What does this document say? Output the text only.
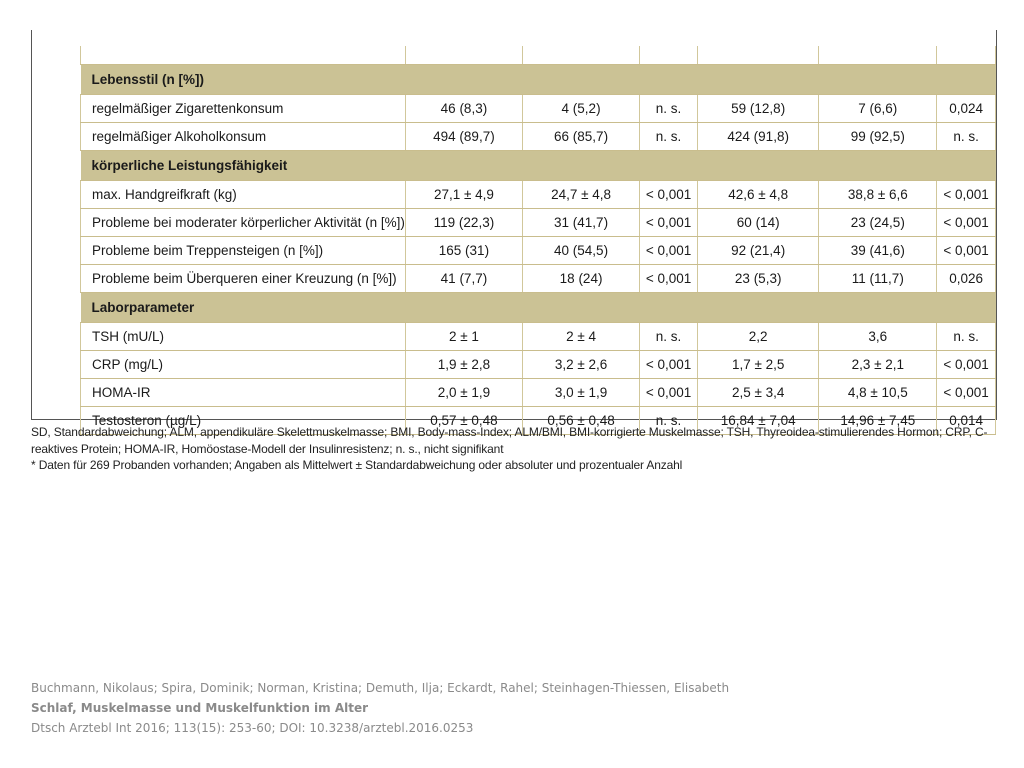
Lebensstil (n [%])						
regelmäßiger Zigarettenkonsum	46 (8,3)	4 (5,2)	n. s.	59 (12,8)	7 (6,6)	0,024
regelmäßiger Alkoholkonsum	494 (89,7)	66 (85,7)	n. s.	424 (91,8)	99 (92,5)	n. s.
körperliche Leistungsfähigkeit						
max. Handgreifkraft (kg)	27,1 ± 4,9	24,7 ± 4,8	< 0,001	42,6 ± 4,8	38,8 ± 6,6	< 0,001
Probleme bei moderater körperlicher Aktivität (n [%])	119 (22,3)	31 (41,7)	< 0,001	60 (14)	23 (24,5)	< 0,001
Probleme beim Treppensteigen (n [%])	165 (31)	40 (54,5)	< 0,001	92 (21,4)	39 (41,6)	< 0,001
Probleme beim Überqueren einer Kreuzung (n [%])	41 (7,7)	18 (24)	< 0,001	23 (5,3)	11 (11,7)	0,026
Laborparameter						
TSH (mU/L)	2 ± 1	2 ± 4	n. s.	2,2	3,6	n. s.
CRP (mg/L)	1,9 ± 2,8	3,2 ± 2,6	< 0,001	1,7 ± 2,5	2,3 ± 2,1	< 0,001
HOMA-IR	2,0 ± 1,9	3,0 ± 1,9	< 0,001	2,5 ± 3,4	4,8 ± 10,5	< 0,001
Testosteron (µg/L)	0,57 ± 0,48	0,56 ± 0,48	n. s.	16,84 ± 7,04	14,96 ± 7,45	0,014
SD, Standardabweichung; ALM, appendikuläre Skelettmuskelmasse; BMI, Body-mass-Index; ALM/BMI, BMI-korrigierte Muskelmasse; TSH, Thyreoidea-stimulierendes Hormon; CRP, C-reaktives Protein; HOMA-IR, Homöostase-Modell der Insulinresistenz; n. s., nicht signifikant
* Daten für 269 Probanden vorhanden; Angaben als Mittelwert ± Standardabweichung oder absoluter und prozentualer Anzahl
Buchmann, Nikolaus; Spira, Dominik; Norman, Kristina; Demuth, Ilja; Eckardt, Rahel; Steinhagen-Thiessen, Elisabeth
Schlaf, Muskelmasse und Muskelfunktion im Alter
Dtsch Arztebl Int 2016; 113(15): 253-60; DOI: 10.3238/arztebl.2016.0253
